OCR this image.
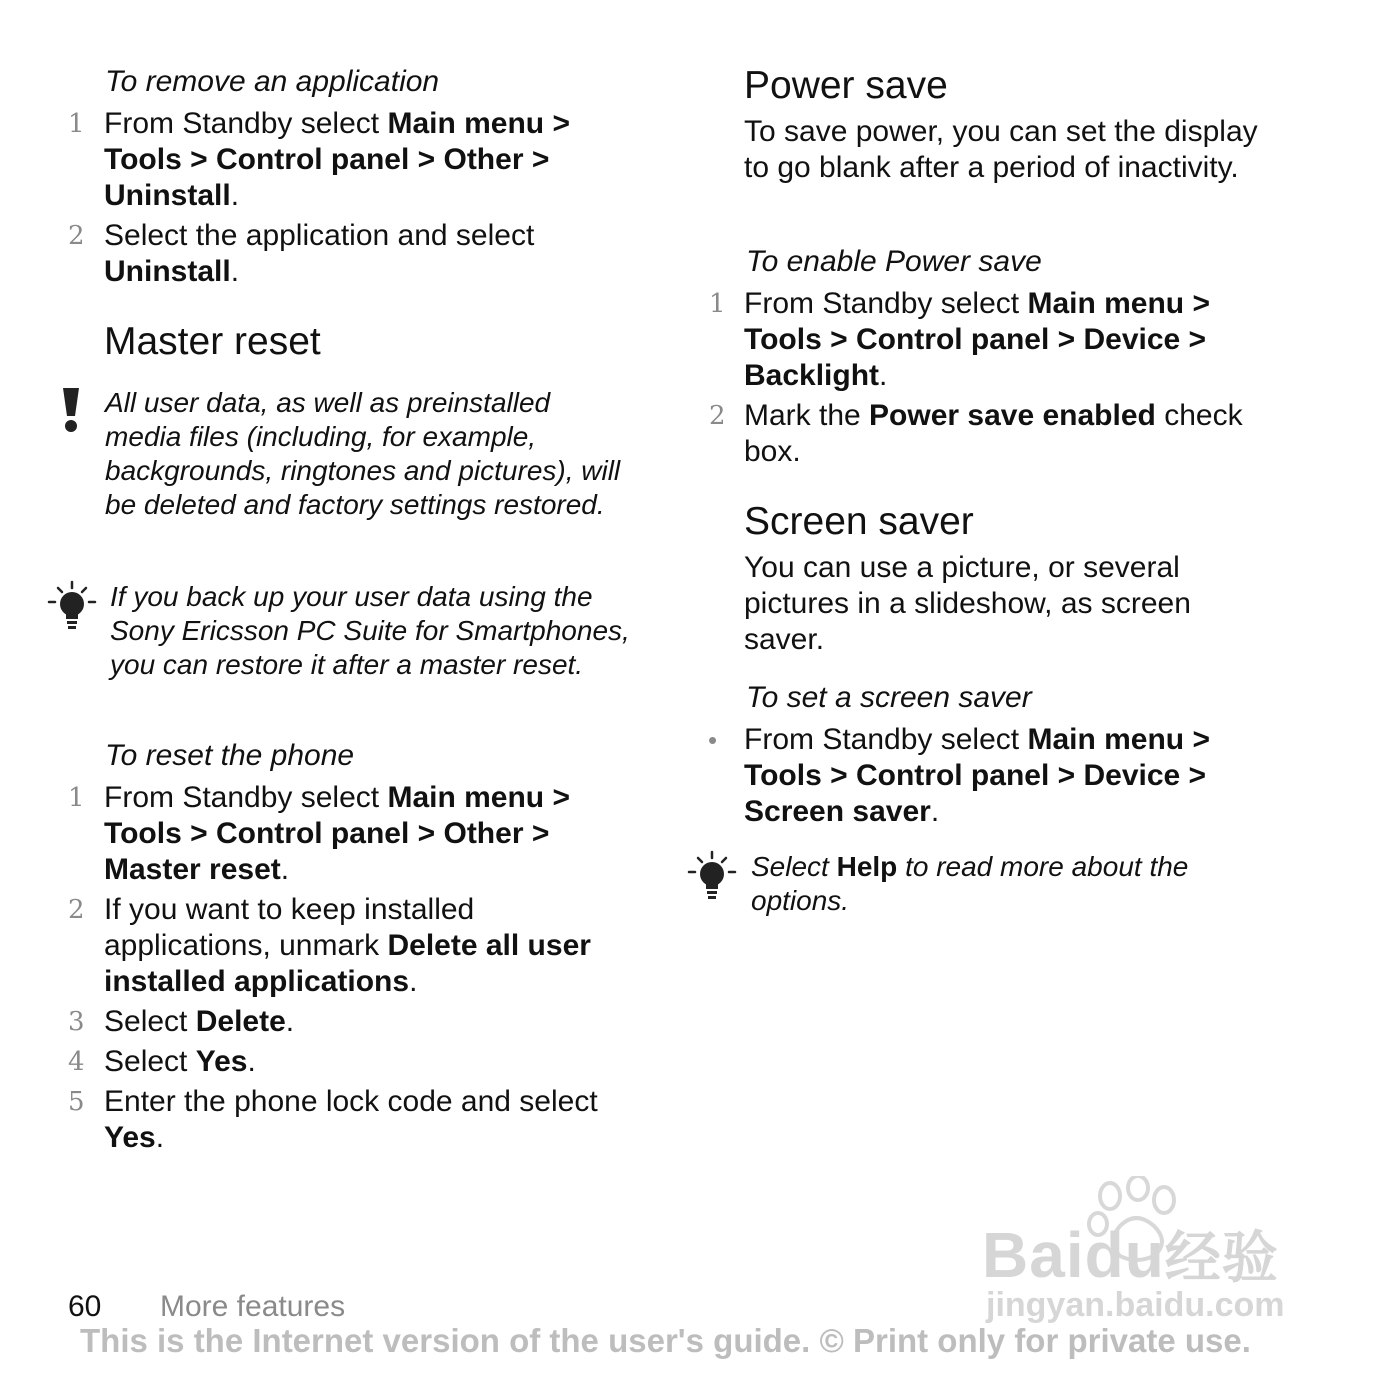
To remove an application
1 From Standby select Main menu >
Tools > Control panel > Other >
Uninstall.
2 Select the application and select Uninstall.
Master reset
All user data, as well as preinstalled media files (including, for example, backgrounds, ringtones and pictures), will be deleted and factory settings restored.
If you back up your user data using the Sony Ericsson PC Suite for Smartphones, you can restore it after a master reset.
To reset the phone
1 From Standby select Main menu >
Tools > Control panel > Other >
Master reset.
2 If you want to keep installed applications, unmark Delete all user installed applications.
3 Select Delete.
4 Select Yes.
5 Enter the phone lock code and select Yes.
Power save
To save power, you can set the display to go blank after a period of inactivity.
To enable Power save
1 From Standby select Main menu >
Tools > Control panel > Device >
Backlight.
2 Mark the Power save enabled check box.
Screen saver
You can use a picture, or several pictures in a slideshow, as screen saver.
To set a screen saver
• From Standby select Main menu >
Tools > Control panel > Device >
Screen saver.
Select Help to read more about the options.
Baidu经验
jingyan.baidu.com
60 More features
This is the Internet version of the user's guide. © Print only for private use.
